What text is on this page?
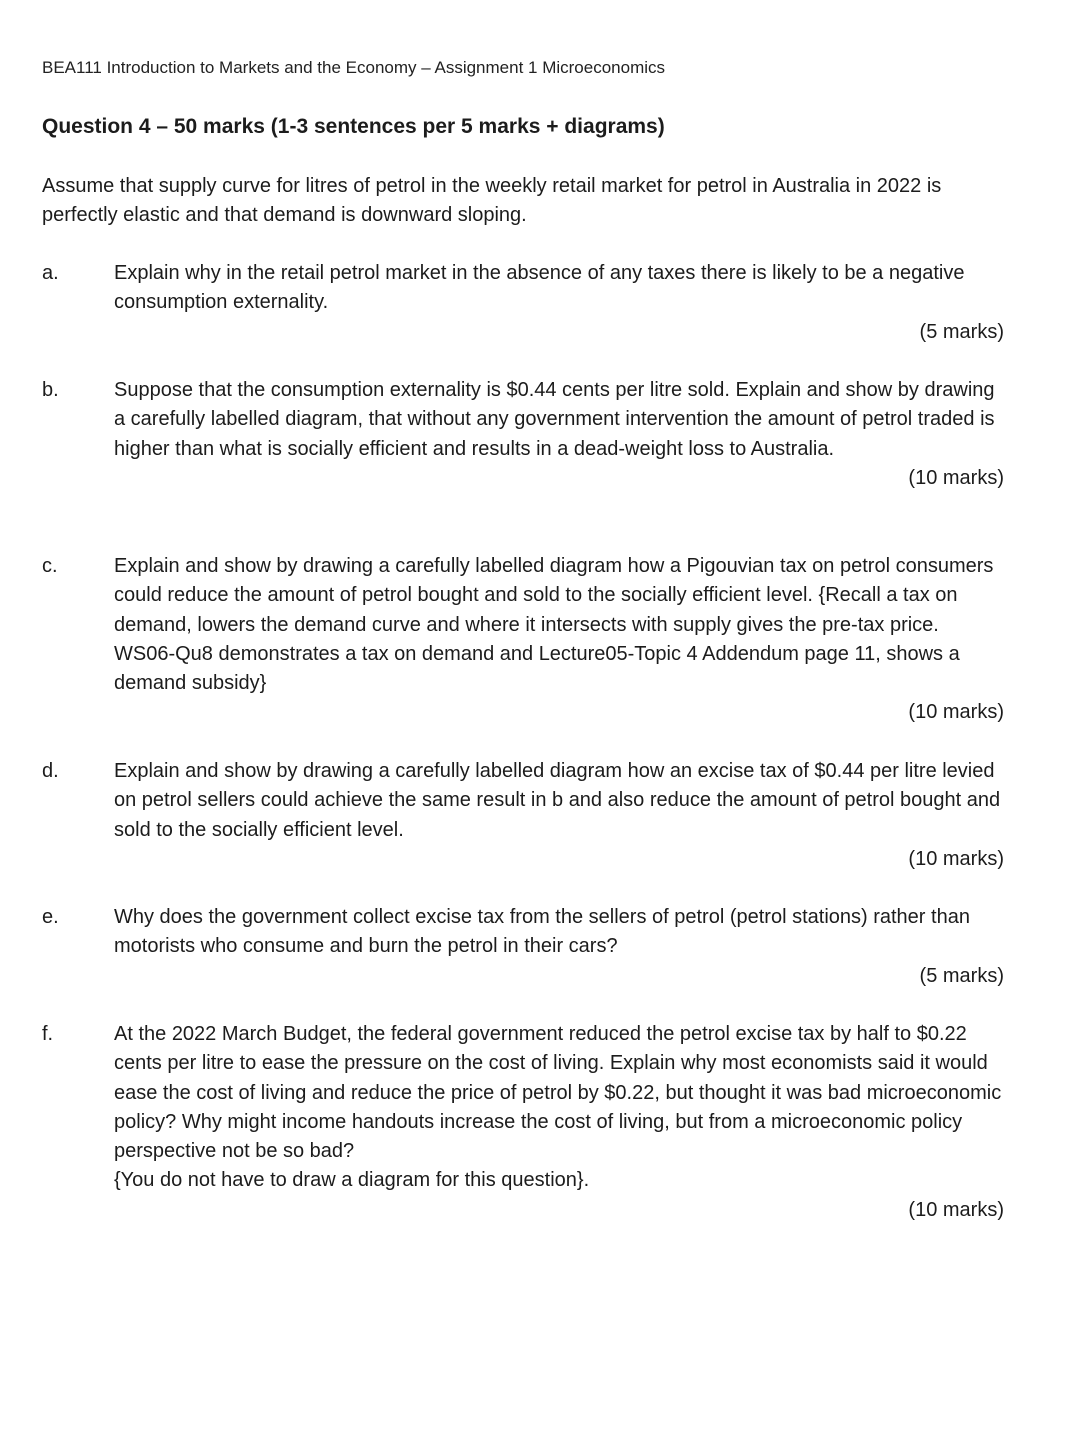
BEA111 Introduction to Markets and the Economy – Assignment 1 Microeconomics
Question 4 – 50 marks (1-3 sentences per 5 marks + diagrams)
Assume that supply curve for litres of petrol in the weekly retail market for petrol in Australia in 2022 is perfectly elastic and that demand is downward sloping.
a.	Explain why in the retail petrol market in the absence of any taxes there is likely to be a negative consumption externality.

(5 marks)
b.	Suppose that the consumption externality is $0.44 cents per litre sold. Explain and show by drawing a carefully labelled diagram, that without any government intervention the amount of petrol traded is higher than what is socially efficient and results in a dead-weight loss to Australia.

(10 marks)
c.	Explain and show by drawing a carefully labelled diagram how a Pigouvian tax on petrol consumers could reduce the amount of petrol bought and sold to the socially efficient level. {Recall a tax on demand, lowers the demand curve and where it intersects with supply gives the pre-tax price. WS06-Qu8 demonstrates a tax on demand and Lecture05-Topic 4 Addendum page 11, shows a demand subsidy}

(10 marks)
d.	Explain and show by drawing a carefully labelled diagram how an excise tax of $0.44 per litre levied on petrol sellers could achieve the same result in b and also reduce the amount of petrol bought and sold to the socially efficient level.

(10 marks)
e.	Why does the government collect excise tax from the sellers of petrol (petrol stations) rather than motorists who consume and burn the petrol in their cars?

(5 marks)
f.	At the 2022 March Budget, the federal government reduced the petrol excise tax by half to $0.22 cents per litre to ease the pressure on the cost of living. Explain why most economists said it would ease the cost of living and reduce the price of petrol by $0.22, but thought it was bad microeconomic policy? Why might income handouts increase the cost of living, but from a microeconomic policy perspective not be so bad?

{You do not have to draw a diagram for this question}.

(10 marks)
